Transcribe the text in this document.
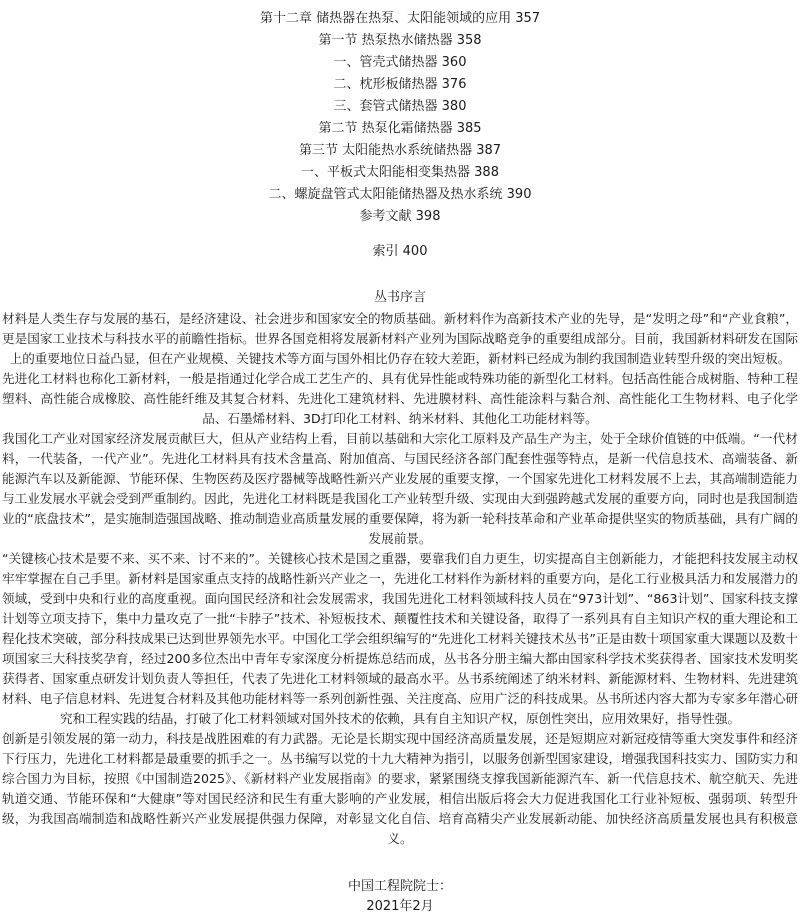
第十二章 储热器在热泵、太阳能领域的应用 357
第一节 热泵热水储热器 358
一、管壳式储热器 360
二、枕形板储热器 376
三、套管式储热器 380
第二节 热泵化霜储热器 385
第三节 太阳能热水系统储热器 387
一、平板式太阳能相变集热器 388
二、螺旋盘管式太阳能储热器及热水系统 390
参考文献 398
索引 400
丛书序言

材料是人类生存与发展的基石，是经济建设、社会进步和国家安全的物质基础。新材料作为高新技术产业的先导，是“发明之母”和“产业食粮”，更是国家工业技术与科技水平的前瞻性指标。世界各国竞相将发展新材料产业列为国际战略竞争的重要组成部分。目前，我国新材料研发在国际上的重要地位日益凸显，但在产业规模、关键技术等方面与国外相比仍存在较大差距，新材料已经成为制约我国制造业转型升级的突出短板。

先进化工材料也称化工新材料，一般是指通过化学合成工艺生产的、具有优异性能或特殊功能的新型化工材料。包括高性能合成树脂、特种工程塑料、高性能合成橡胶、高性能纤维及其复合材料、先进化工建筑材料、先进膜材料、高性能涂料与黏合剂、高性能化工生物材料、电子化学品、石墨烯材料、3D打印化工材料、纳米材料、其他化工功能材料等。

我国化工产业对国家经济发展贡献巨大，但从产业结构上看，目前以基础和大宗化工原料及产品生产为主，处于全球价值链的中低端。“一代材料，一代装备，一代产业”。先进化工材料具有技术含量高、附加值高、与国民经济各部门配套性强等特点，是新一代信息技术、高端装备、新能源汽车以及新能源、节能环保、生物医药及医疗器械等战略性新兴产业发展的重要支撑，一个国家先进化工材料发展不上去，其高端制造能力与工业发展水平就会受到严重制约。因此，先进化工材料既是我国化工产业转型升级、实现由大到强跨越式发展的重要方向，同时也是我国制造业的“底盘技术”，是实施制造强国战略、推动制造业高质量发展的重要保障，将为新一轮科技革命和产业革命提供坚实的物质基础，具有广阔的发展前景。

“关键核心技术是要不来、买不来、讨不来的”。关键核心技术是国之重器，要靠我们自力更生，切实提高自主创新能力，才能把科技发展主动权牢牢掌握在自己手里。新材料是国家重点支持的战略性新兴产业之一，先进化工材料作为新材料的重要方向，是化工行业极具活力和发展潜力的领域，受到中央和行业的高度重视。面向国民经济和社会发展需求，我国先进化工材料领域科技人员在“973计划”、“863计划”、国家科技支撑计划等立项支持下，集中力量攻克了一批“卡脖子”技术、补短板技术、颠覆性技术和关键设备，取得了一系列具有自主知识产权的重大理论和工程化技术突破，部分科技成果已达到世界领先水平。中国化工学会组织编写的“先进化工材料关键技术丛书”正是由数十项国家重大课题以及数十项国家三大科技奖孕育，经过200多位杰出中青年专家深度分析提炼总结而成，丛书各分册主编大都由国家科学技术奖获得者、国家技术发明奖获得者、国家重点研发计划负责人等担任，代表了先进化工材料领域的最高水平。丛书系统阐述了纳米材料、新能源材料、生物材料、先进建筑材料、电子信息材料、先进复合材料及其他功能材料等一系列创新性强、关注度高、应用广泛的科技成果。丛书所述内容大都为专家多年潜心研究和工程实践的结晶，打破了化工材料领域对国外技术的依赖，具有自主知识产权，原创性突出，应用效果好，指导性强。

创新是引领发展的第一动力，科技是战胜困难的有力武器。无论是长期实现中国经济高质量发展，还是短期应对新冠疫情等重大突发事件和经济下行压力，先进化工材料都是最重要的抓手之一。丛书编写以党的十九大精神为指引，以服务创新型国家建设，增强我国科技实力、国防实力和综合国力为目标，按照《中国制造2025》、《新材料产业发展指南》的要求，紧紧围绕支撑我国新能源汽车、新一代信息技术、航空航天、先进轨道交通、节能环保和“大健康”等对国民经济和民生有重大影响的产业发展，相信出版后将会大力促进我国化工行业补短板、强弱项、转型升级，为我国高端制造和战略性新兴产业发展提供强力保障，对彰显文化自信、培育高精尖产业发展新动能、加快经济高质量发展也具有积极意义。

中国工程院院士：
2021年2月
